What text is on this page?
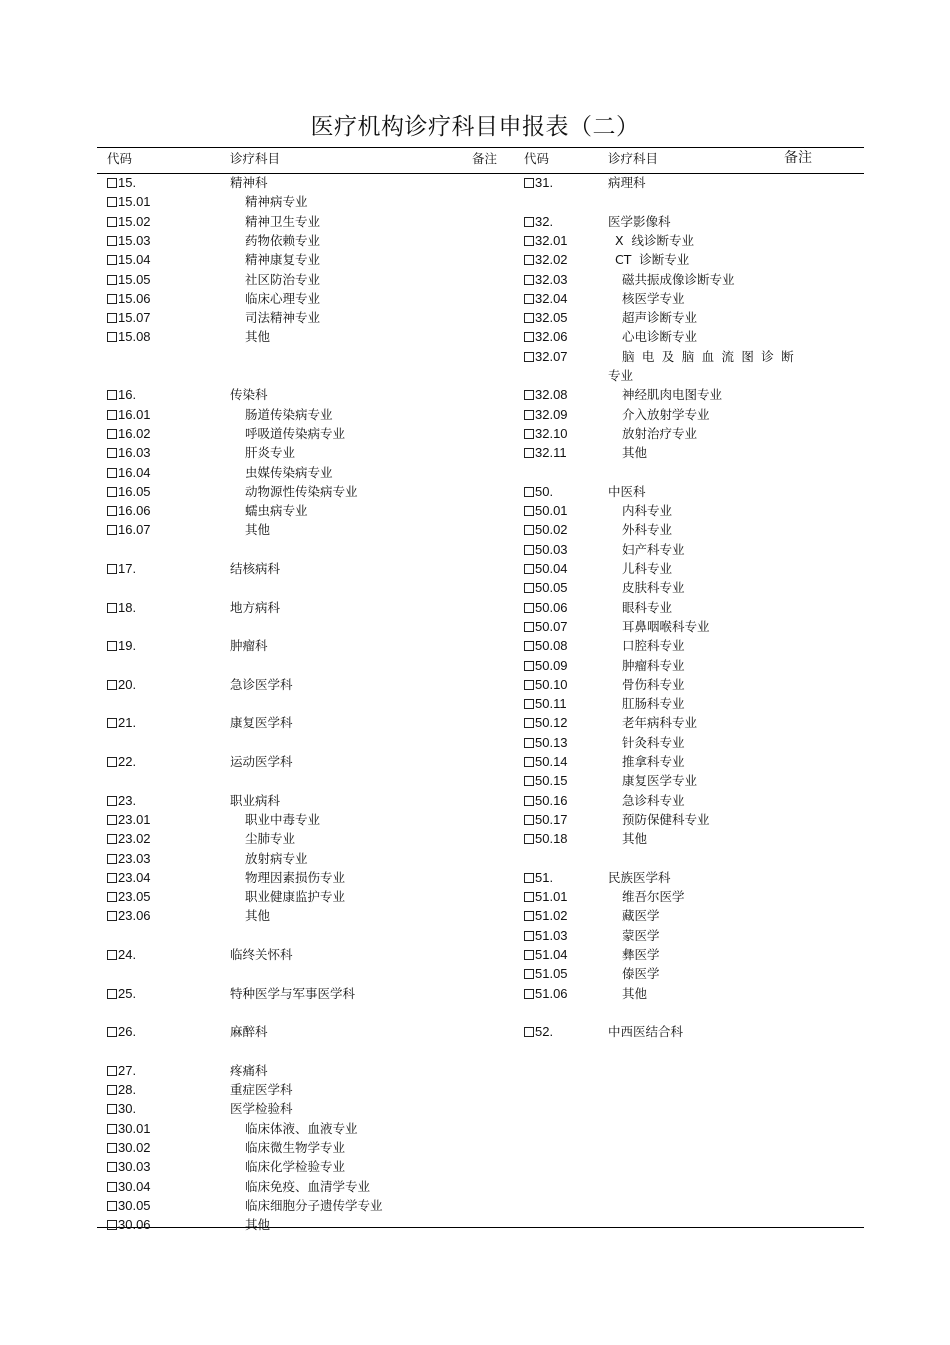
医疗机构诊疗科目申报表（二）
代码	诊疗科目	备注 代码	诊疗科目	备注
15.	精神科
15.01	精神病专业
15.02	精神卫生专业
15.03	药物依赖专业
15.04	精神康复专业
15.05	社区防治专业
15.06	临床心理专业
15.07	司法精神专业
15.08	其他
16.	传染科
16.01	肠道传染病专业
16.02	呼吸道传染病专业
16.03	肝炎专业
16.04	虫媒传染病专业
16.05	动物源性传染病专业
16.06	蠕虫病专业
16.07	其他
17.	结核病科
18.	地方病科
19.	肿瘤科
20.	急诊医学科
21.	康复医学科
22.	运动医学科
23.	职业病科
23.01	职业中毒专业
23.02	尘肺专业
23.03	放射病专业
23.04	物理因素损伤专业
23.05	职业健康监护专业
23.06	其他
24.	临终关怀科
25.	特种医学与军事医学科
26.	麻醉科
27.	疼痛科
28.	重症医学科
30.	医学检验科
30.01	临床体液、血液专业
30.02	临床微生物学专业
30.03	临床化学检验专业
30.04	临床免疫、血清学专业
30.05	临床细胞分子遗传学专业
30.06	其他
31.	病理科
32.	医学影像科
32.01	X  线诊断专业
32.02	CT  诊断专业
32.03	磁共振成像诊断专业
32.04	核医学专业
32.05	超声诊断专业
32.06	心电诊断专业
32.07	脑电及脑血流图诊断
专业
32.08	神经肌肉电图专业
32.09	介入放射学专业
32.10	放射治疗专业
32.11	其他
50.	中医科
50.01	内科专业
50.02	外科专业
50.03	妇产科专业
50.04	儿科专业
50.05	皮肤科专业
50.06	眼科专业
50.07	耳鼻咽喉科专业
50.08	口腔科专业
50.09	肿瘤科专业
50.10	骨伤科专业
50.11	肛肠科专业
50.12	老年病科专业
50.13	针灸科专业
50.14	推拿科专业
50.15	康复医学专业
50.16	急诊科专业
50.17	预防保健科专业
50.18	其他
51.	民族医学科
51.01	维吾尔医学
51.02	藏医学
51.03	蒙医学
51.04	彝医学
51.05	傣医学
51.06	其他
52.	中西医结合科
